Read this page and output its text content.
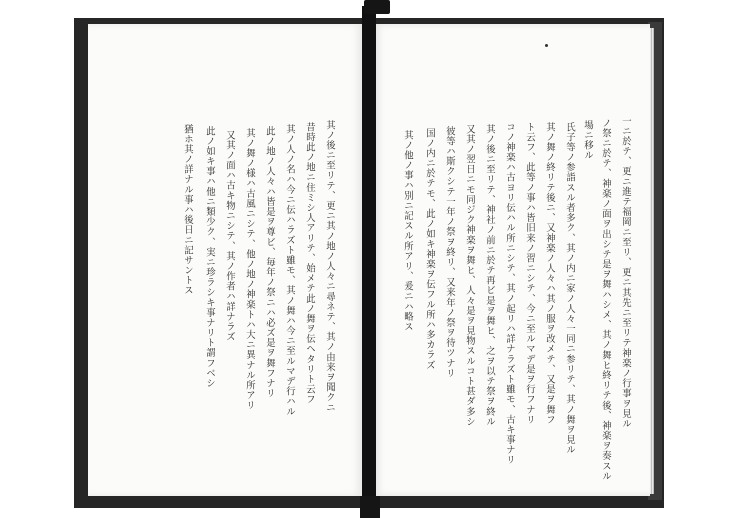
其ノ後ニ至リテ、更ニ其ノ地ノ人々ニ尋ネテ、其ノ由来ヲ聞クニ
昔時此ノ地ニ住ミシ人アリテ、始メテ此ノ舞ヲ伝ヘタリト云フ
其ノ人ノ名ハ今ニ伝ハラズト雖モ、其ノ舞ハ今ニ至ルマデ行ハル
此ノ地ノ人々ハ皆是ヲ尊ビ、毎年ノ祭ニハ必ズ是ヲ舞フナリ
其ノ舞ノ様ハ古風ニシテ、他ノ地ノ神楽トハ大ニ異ナル所アリ
又其ノ面ハ古キ物ニシテ、其ノ作者ハ詳ナラズ
此ノ如キ事ハ他ニ類少ク、実ニ珍ラシキ事ナリト謂フベシ
猶ホ其ノ詳ナル事ハ後日ニ記サントス	一ニ於テ、更ニ進テ福岡ニ至リ、更ニ其先ニ至リテ神楽ノ行事ヲ見ル
ノ祭ニ於テ、神楽ノ面ヲ出シテ是ヲ舞ハシメ、其ノ舞ヒ終リテ後、神楽ヲ奏スル
場ニ移ル
氏子等ノ参詣スル者多ク、其ノ内ニ家ノ人々一同ニ参リテ、其ノ舞ヲ見ル
其ノ舞ノ終リテ後ニ、又神楽ノ人々ハ其ノ服ヲ改メテ、又是ヲ舞フ
ト云フ、此等ノ事ハ皆旧来ノ習ニシテ、今ニ至ルマデ是ヲ行フナリ
コノ神楽ハ古ヨリ伝ハル所ニシテ、其ノ起リハ詳ナラズト雖モ、古キ事ナリ
其ノ後ニ至リテ、神社ノ前ニ於テ再ビ是ヲ舞ヒ、之ヲ以テ祭ヲ終ル
又其ノ翌日ニモ同ジク神楽ヲ舞ヒ、人々是ヲ見物スルコト甚ダ多シ
彼等ハ斯クシテ一年ノ祭ヲ終リ、又来年ノ祭ヲ待ツナリ
国ノ内ニ於テモ、此ノ如キ神楽ヲ伝フル所ハ多カラズ
其ノ他ノ事ハ別ニ記スル所アリ、爰ニハ略ス
